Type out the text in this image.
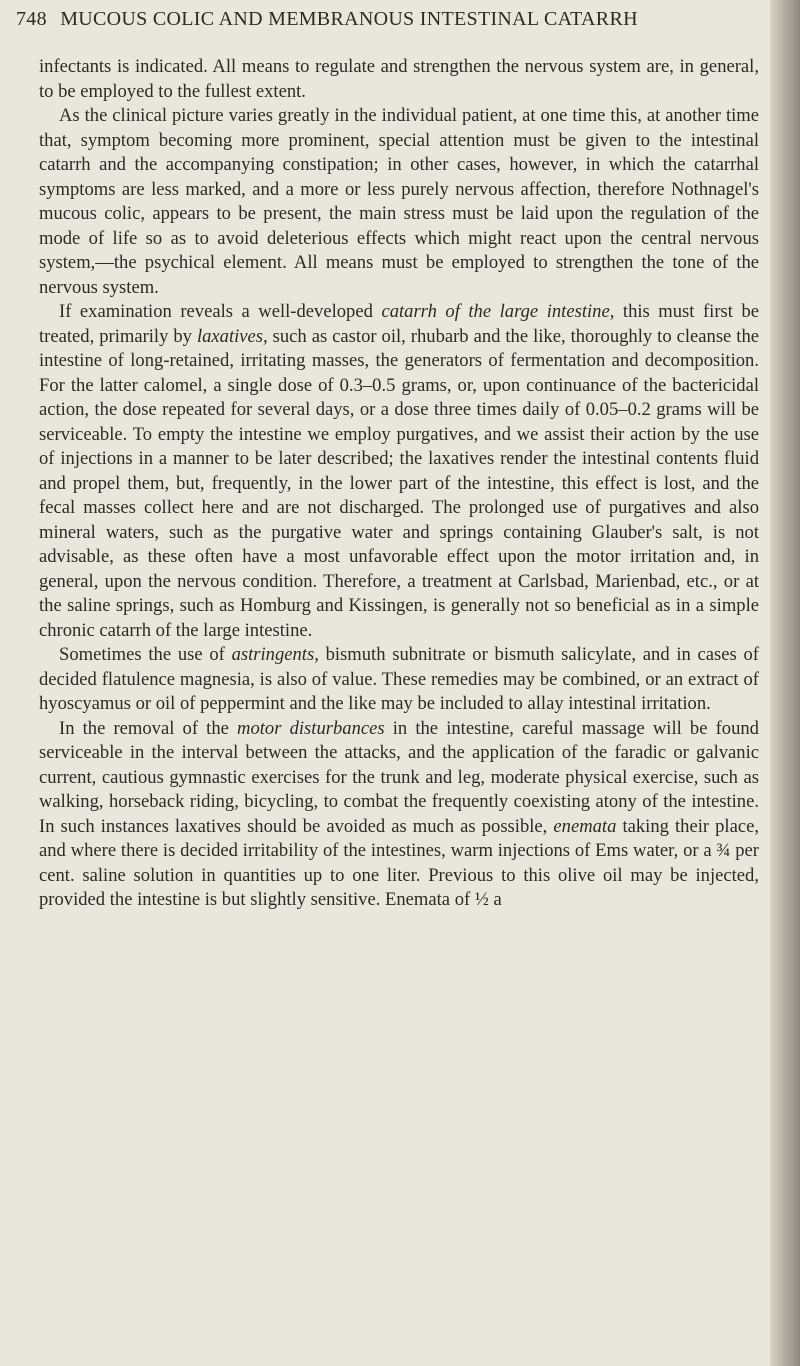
748 MUCOUS COLIC AND MEMBRANOUS INTESTINAL CATARRH

infectants is indicated. All means to regulate and strengthen the nervous system are, in general, to be employed to the fullest extent.

As the clinical picture varies greatly in the individual patient, at one time this, at another time that, symptom becoming more prominent, special attention must be given to the intestinal catarrh and the accompanying constipation; in other cases, however, in which the catarrhal symptoms are less marked, and a more or less purely nervous affection, therefore Nothnagel's mucous colic, appears to be present, the main stress must be laid upon the regulation of the mode of life so as to avoid deleterious effects which might react upon the central nervous system,—the psychical element. All means must be employed to strengthen the tone of the nervous system.

If examination reveals a well-developed catarrh of the large intestine, this must first be treated, primarily by laxatives, such as castor oil, rhubarb and the like, thoroughly to cleanse the intestine of long-retained, irritating masses, the generators of fermentation and decomposition. For the latter calomel, a single dose of 0.3–0.5 grams, or, upon continuance of the bactericidal action, the dose repeated for several days, or a dose three times daily of 0.05–0.2 grams will be serviceable. To empty the intestine we employ purgatives, and we assist their action by the use of injections in a manner to be later described; the laxatives render the intestinal contents fluid and propel them, but, frequently, in the lower part of the intestine, this effect is lost, and the fecal masses collect here and are not discharged. The prolonged use of purgatives and also mineral waters, such as the purgative water and springs containing Glauber's salt, is not advisable, as these often have a most unfavorable effect upon the motor irritation and, in general, upon the nervous condition. Therefore, a treatment at Carlsbad, Marienbad, etc., or at the saline springs, such as Homburg and Kissingen, is generally not so beneficial as in a simple chronic catarrh of the large intestine.

Sometimes the use of astringents, bismuth subnitrate or bismuth salicylate, and in cases of decided flatulence magnesia, is also of value. These remedies may be combined, or an extract of hyoscyamus or oil of peppermint and the like may be included to allay intestinal irritation.

In the removal of the motor disturbances in the intestine, careful massage will be found serviceable in the interval between the attacks, and the application of the faradic or galvanic current, cautious gymnastic exercises for the trunk and leg, moderate physical exercise, such as walking, horseback riding, bicycling, to combat the frequently coexisting atony of the intestine. In such instances laxatives should be avoided as much as possible, enemata taking their place, and where there is decided irritability of the intestines, warm injections of Ems water, or a ¾ per cent. saline solution in quantities up to one liter. Previous to this olive oil may be injected, provided the intestine is but slightly sensitive. Enemata of ½ a
